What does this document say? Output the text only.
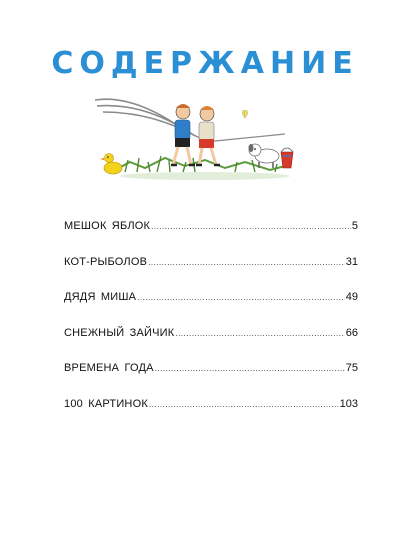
СОДЕРЖАНИЕ
МЕШОК ЯБЛОК .....	5
КОТ-РЫБОЛОВ .....	31
ДЯДЯ МИША .....	49
СНЕЖНЫЙ ЗАЙЧИК .....	66
ВРЕМЕНА ГОДА .....	75
100 КАРТИНОК .....	103
